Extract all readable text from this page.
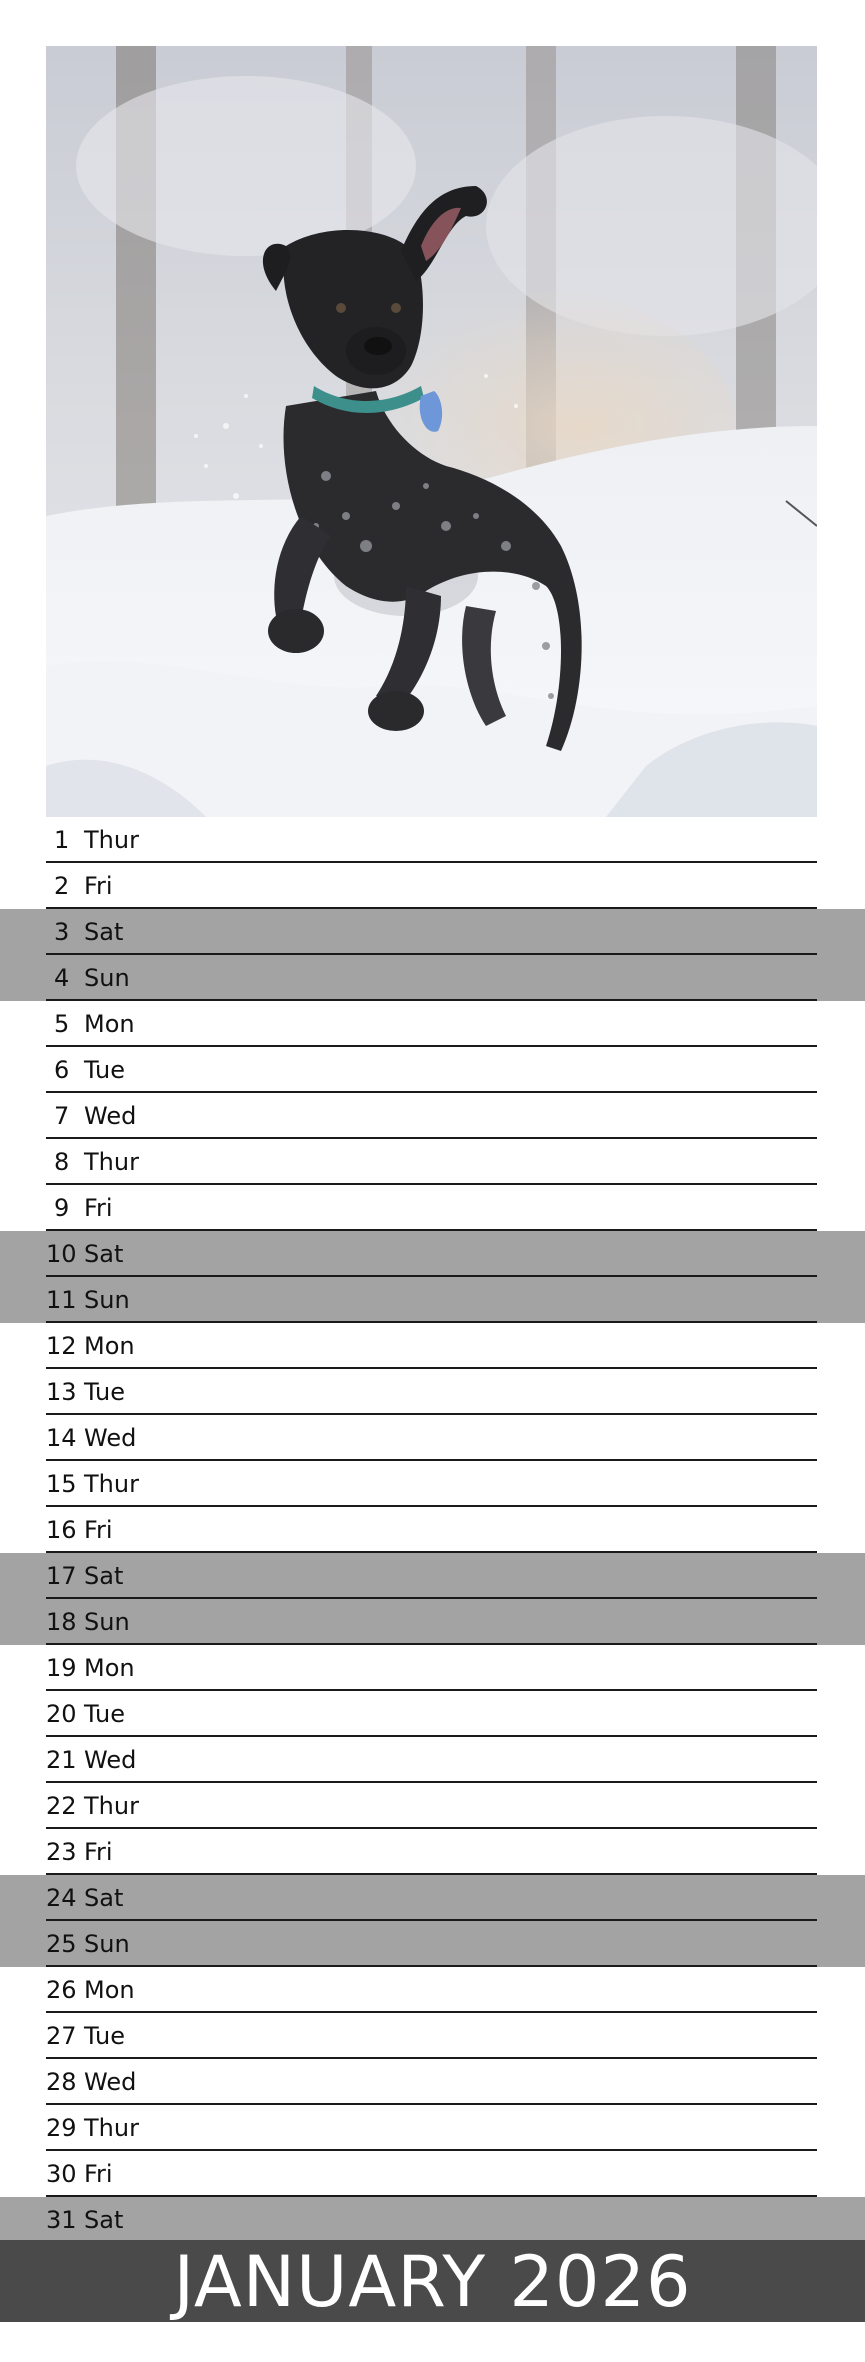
1 Thur
2 Fri
3 Sat
4 Sun
5 Mon
6 Tue
7 Wed
8 Thur
9 Fri
10 Sat
11 Sun
12 Mon
13 Tue
14 Wed
15 Thur
16 Fri
17 Sat
18 Sun
19 Mon
20 Tue
21 Wed
22 Thur
23 Fri
24 Sat
25 Sun
26 Mon
27 Tue
28 Wed
29 Thur
30 Fri
31 Sat
JANUARY 2026
